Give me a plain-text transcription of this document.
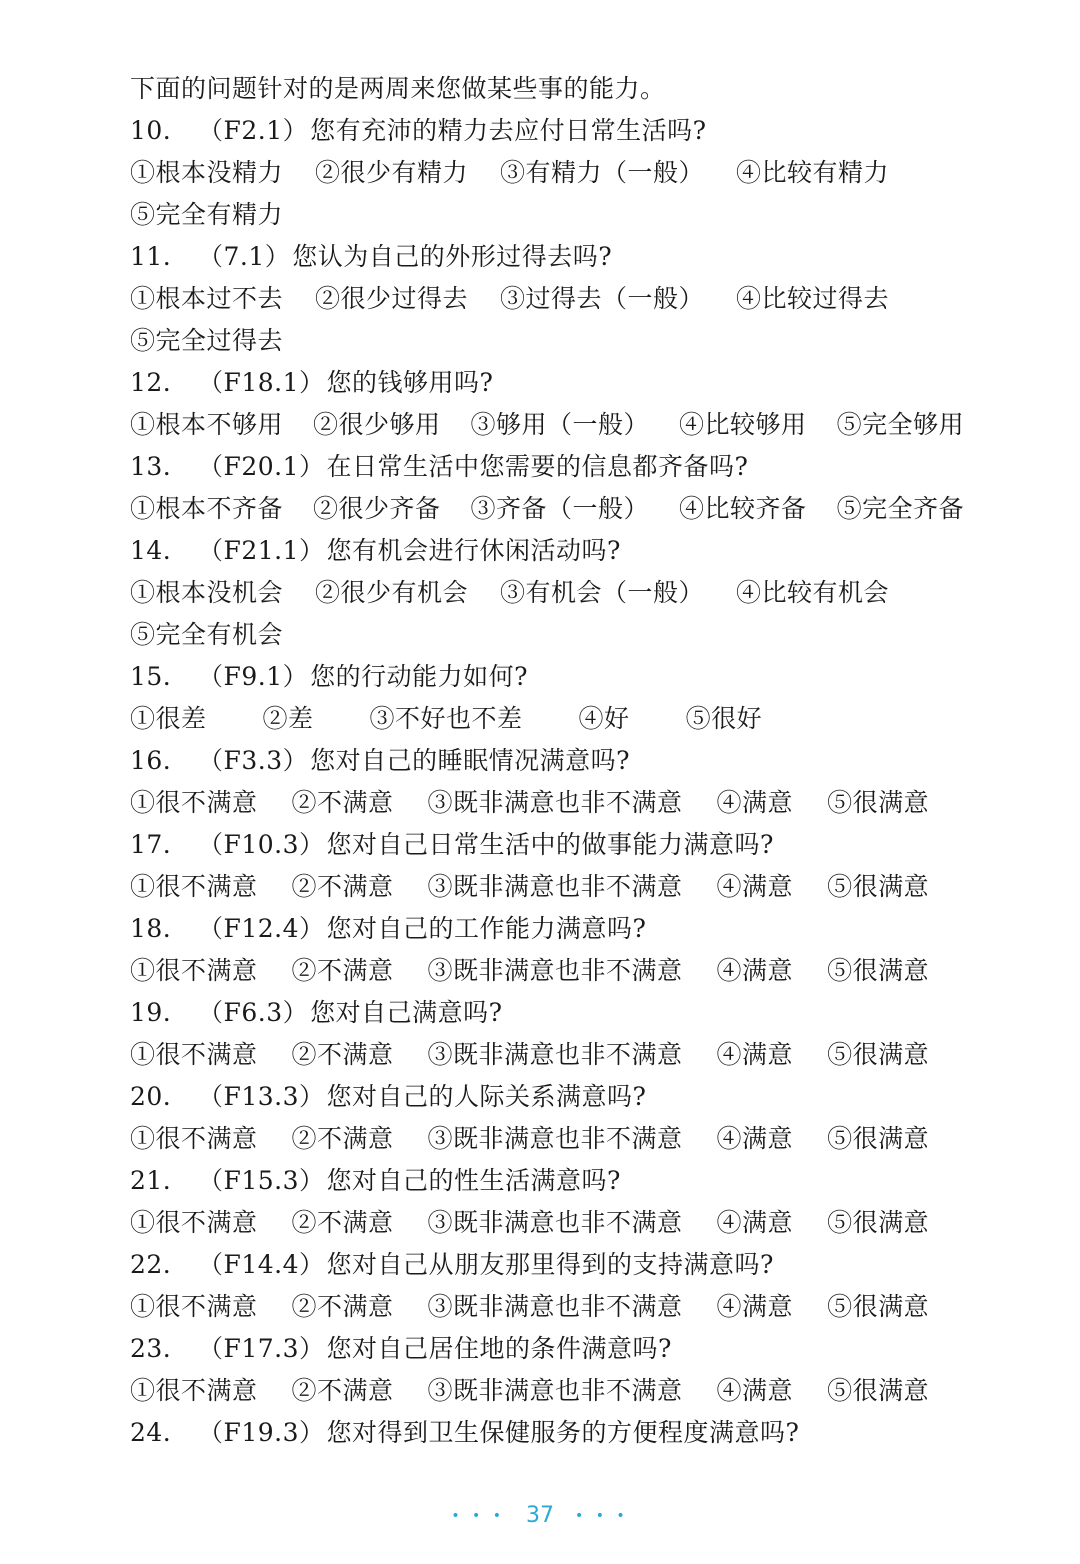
下面的问题针对的是两周来您做某些事的能力。
10. （F2.1）您有充沛的精力去应付日常生活吗?
①根本没精力 ②很少有精力 ③有精力（一般） ④比较有精力
⑤完全有精力
11. （7.1）您认为自己的外形过得去吗?
①根本过不去 ②很少过得去 ③过得去（一般） ④比较过得去
⑤完全过得去
12. （F18.1）您的钱够用吗?
①根本不够用 ②很少够用 ③够用（一般） ④比较够用 ⑤完全够用
13. （F20.1）在日常生活中您需要的信息都齐备吗?
①根本不齐备 ②很少齐备 ③齐备（一般） ④比较齐备 ⑤完全齐备
14. （F21.1）您有机会进行休闲活动吗?
①根本没机会 ②很少有机会 ③有机会（一般） ④比较有机会
⑤完全有机会
15. （F9.1）您的行动能力如何?
①很差 ②差 ③不好也不差 ④好 ⑤很好
16. （F3.3）您对自己的睡眠情况满意吗?
①很不满意 ②不满意 ③既非满意也非不满意 ④满意 ⑤很满意
17. （F10.3）您对自己日常生活中的做事能力满意吗?
①很不满意 ②不满意 ③既非满意也非不满意 ④满意 ⑤很满意
18. （F12.4）您对自己的工作能力满意吗?
①很不满意 ②不满意 ③既非满意也非不满意 ④满意 ⑤很满意
19. （F6.3）您对自己满意吗?
①很不满意 ②不满意 ③既非满意也非不满意 ④满意 ⑤很满意
20. （F13.3）您对自己的人际关系满意吗?
①很不满意 ②不满意 ③既非满意也非不满意 ④满意 ⑤很满意
21. （F15.3）您对自己的性生活满意吗?
①很不满意 ②不满意 ③既非满意也非不满意 ④满意 ⑤很满意
22. （F14.4）您对自己从朋友那里得到的支持满意吗?
①很不满意 ②不满意 ③既非满意也非不满意 ④满意 ⑤很满意
23. （F17.3）您对自己居住地的条件满意吗?
①很不满意 ②不满意 ③既非满意也非不满意 ④满意 ⑤很满意
24. （F19.3）您对得到卫生保健服务的方便程度满意吗?
• • • 37 • • •
